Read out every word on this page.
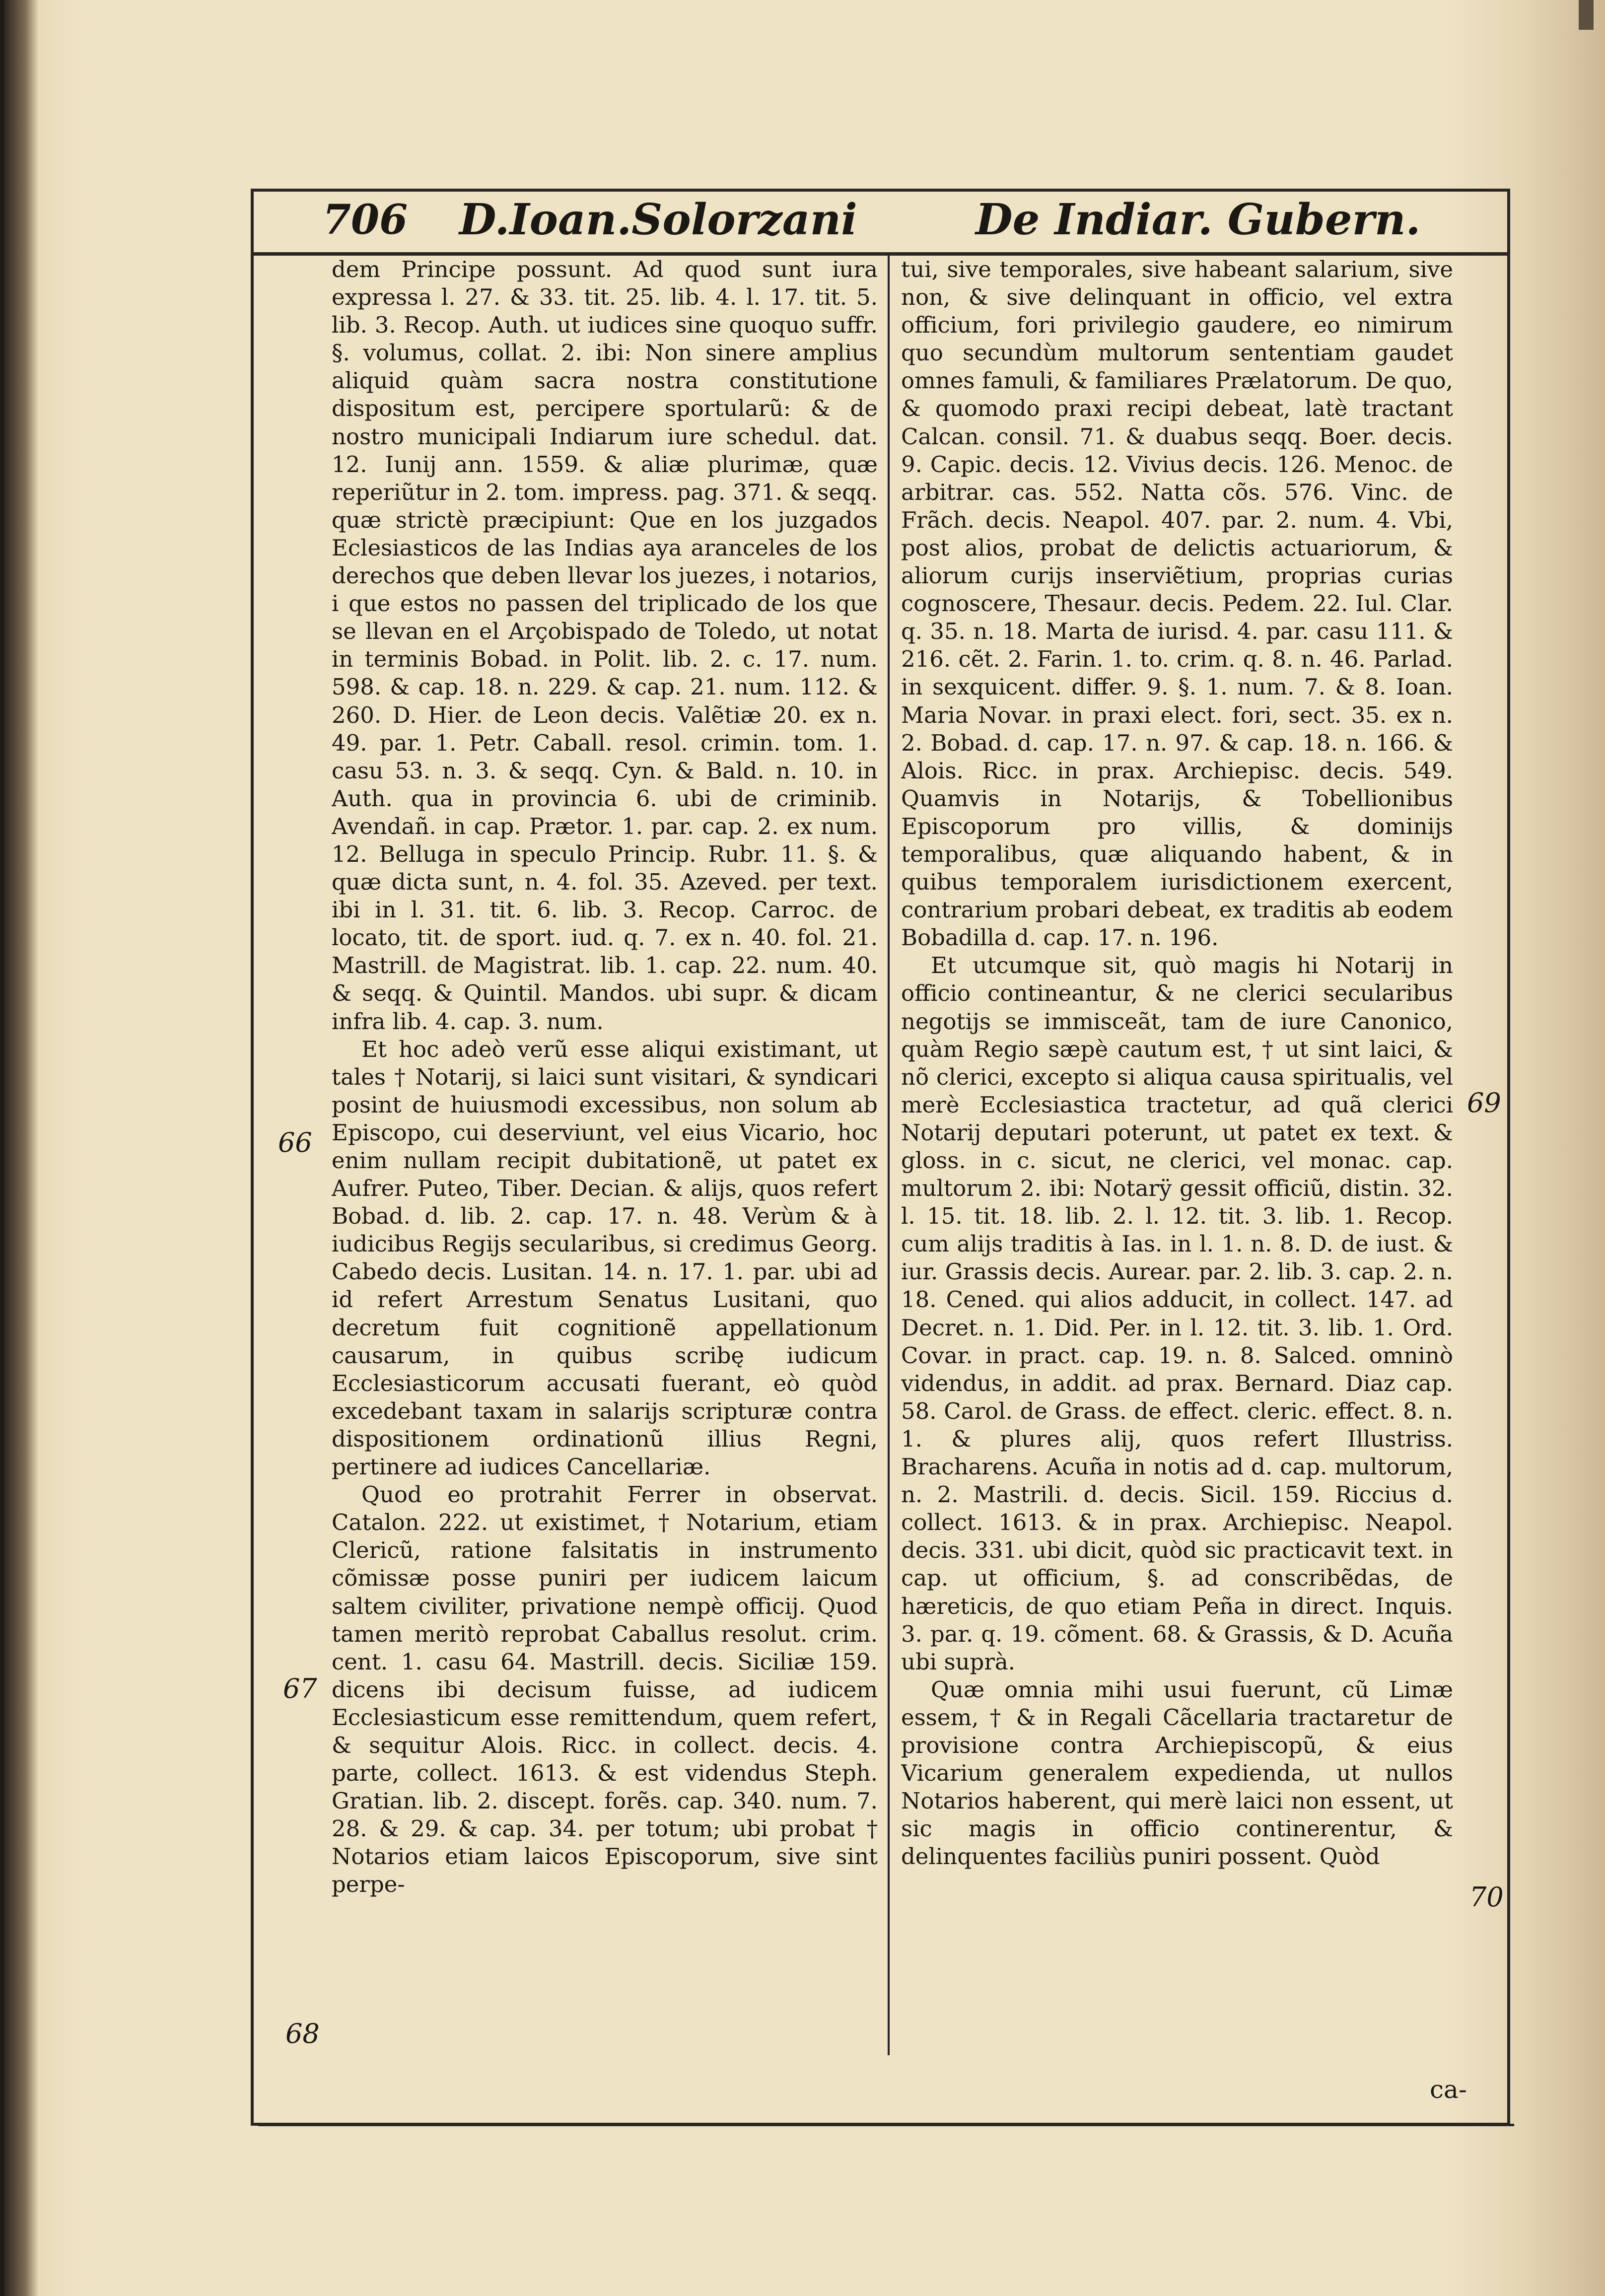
706 D.Ioan.Solorzani	De Indiar. Gubern.

dem Principe possunt. Ad quod sunt iura expressa l. 27. & 33. tit. 25. lib. 4. l. 17. tit. 5. lib. 3. Recop. Auth. ut iudices sine quoquo suffr. §. volumus, collat. 2. ibi: Non sinere amplius aliquid quàm sacra nostra constitutione dispositum est, percipere sportularũ: & de nostro municipali Indiarum iure schedul. dat. 12. Iunij ann. 1559. & aliæ plurimæ, quæ reperiũtur in 2. tom. impress. pag. 371. & seqq. quæ strictè præcipiunt: Que en los juzgados Eclesiasticos de las Indias aya aranceles de los derechos que deben llevar los juezes, i notarios, i que estos no passen del triplicado de los que se llevan en el Arçobispado de Toledo, ut notat in terminis Bobad. in Polit. lib. 2. c. 17. num. 598. & cap. 18. n. 229. & cap. 21. num. 112. & 260. D. Hier. de Leon decis. Valẽtiæ 20. ex n. 49. par. 1. Petr. Caball. resol. crimin. tom. 1. casu 53. n. 3. & seqq. Cyn. & Bald. n. 10. in Auth. qua in provincia 6. ubi de criminib. Avendañ. in cap. Prætor. 1. par. cap. 2. ex num. 12. Belluga in speculo Princip. Rubr. 11. §. & quæ dicta sunt, n. 4. fol. 35. Azeved. per text. ibi in l. 31. tit. 6. lib. 3. Recop. Carroc. de locato, tit. de sport. iud. q. 7. ex n. 40. fol. 21. Mastrill. de Magistrat. lib. 1. cap. 22. num. 40. & seqq. & Quintil. Mandos. ubi supr. & dicam infra lib. 4. cap. 3. num.

Et hoc adeò verũ esse aliqui existimant, ut tales † Notarij, si laici sunt visitari, & syndicari posint de huiusmodi excessibus, non solum ab Episcopo, cui deserviunt, vel eius Vicario, hoc enim nullam recipit dubitationẽ, ut patet ex Aufrer. Puteo, Tiber. Decian. & alijs, quos refert Bobad. d. lib. 2. cap. 17. n. 48. Verùm & à iudicibus Regijs secularibus, si credimus Georg. Cabedo decis. Lusitan. 14. n. 17. 1. par. ubi ad id refert Arrestum Senatus Lusitani, quo decretum fuit cognitionẽ appellationum causarum, in quibus scribę iudicum Ecclesiasticorum accusati fuerant, eò quòd excedebant taxam in salarijs scripturæ contra dispositionem ordinationũ illius Regni, pertinere ad iudices Cancellariæ.

Quod eo protrahit Ferrer in observat. Catalon. 222. ut existimet, † Notarium, etiam Clericũ, ratione falsitatis in instrumento cõmissæ posse puniri per iudicem laicum saltem civiliter, privatione nempè officij. Quod tamen meritò reprobat Caballus resolut. crim. cent. 1. casu 64. Mastrill. decis. Siciliæ 159. dicens ibi decisum fuisse, ad iudicem Ecclesiasticum esse remittendum, quem refert, & sequitur Alois. Ricc. in collect. decis. 4. parte, collect. 1613. & est videndus Steph. Gratian. lib. 2. discept. forẽs. cap. 340. num. 7. 28. & 29. & cap. 34. per totum; ubi probat † Notarios etiam laicos Episcoporum, sive sint perpe-

tui, sive temporales, sive habeant salarium, sive non, & sive delinquant in officio, vel extra officium, fori privilegio gaudere, eo nimirum quo secundùm multorum sententiam gaudet omnes famuli, & familiares Prælatorum. De quo, & quomodo praxi recipi debeat, latè tractant Calcan. consil. 71. & duabus seqq. Boer. decis. 9. Capic. decis. 12. Vivius decis. 126. Menoc. de arbitrar. cas. 552. Natta cõs. 576. Vinc. de Frãch. decis. Neapol. 407. par. 2. num. 4. Vbi, post alios, probat de delictis actuariorum, & aliorum curijs inserviẽtium, proprias curias cognoscere, Thesaur. decis. Pedem. 22. Iul. Clar. q. 35. n. 18. Marta de iurisd. 4. par. casu 111. & 216. cẽt. 2. Farin. 1. to. crim. q. 8. n. 46. Parlad. in sexquicent. differ. 9. §. 1. num. 7. & 8. Ioan. Maria Novar. in praxi elect. fori, sect. 35. ex n. 2. Bobad. d. cap. 17. n. 97. & cap. 18. n. 166. & Alois. Ricc. in prax. Archiepisc. decis. 549. Quamvis in Notarijs, & Tobellionibus Episcoporum pro villis, & dominijs temporalibus, quæ aliquando habent, & in quibus temporalem iurisdictionem exercent, contrarium probari debeat, ex traditis ab eodem Bobadilla d. cap. 17. n. 196.

Et utcumque sit, quò magis hi Notarij in officio contineantur, & ne clerici secularibus negotijs se immisceãt, tam de iure Canonico, quàm Regio sæpè cautum est, † ut sint laici, & nõ clerici, excepto si aliqua causa spiritualis, vel merè Ecclesiastica tractetur, ad quã clerici Notarij deputari poterunt, ut patet ex text. & gloss. in c. sicut, ne clerici, vel monac. cap. multorum 2. ibi: Notarÿ gessit officiũ, distin. 32. l. 15. tit. 18. lib. 2. l. 12. tit. 3. lib. 1. Recop. cum alijs traditis à Ias. in l. 1. n. 8. D. de iust. & iur. Grassis decis. Aurear. par. 2. lib. 3. cap. 2. n. 18. Cened. qui alios adducit, in collect. 147. ad Decret. n. 1. Did. Per. in l. 12. tit. 3. lib. 1. Ord. Covar. in pract. cap. 19. n. 8. Salced. omninò videndus, in addit. ad prax. Bernard. Diaz cap. 58. Carol. de Grass. de effect. cleric. effect. 8. n. 1. & plures alij, quos refert Illustriss. Bracharens. Acuña in notis ad d. cap. multorum, n. 2. Mastrili. d. decis. Sicil. 159. Riccius d. collect. 1613. & in prax. Archiepisc. Neapol. decis. 331. ubi dicit, quòd sic practicavit text. in cap. ut officium, §. ad conscribẽdas, de hæreticis, de quo etiam Peña in direct. Inquis. 3. par. q. 19. cõment. 68. & Grassis, & D. Acuña ubi suprà.

Quæ omnia mihi usui fuerunt, cũ Limæ essem, † & in Regali Cãcellaria tractaretur de provisione contra Archiepiscopũ, & eius Vicarium generalem expedienda, ut nullos Notarios haberent, qui merè laici non essent, ut sic magis in officio continerentur, & delinquentes faciliùs puniri possent. Quòd

66
67
68
69
70
ca-
